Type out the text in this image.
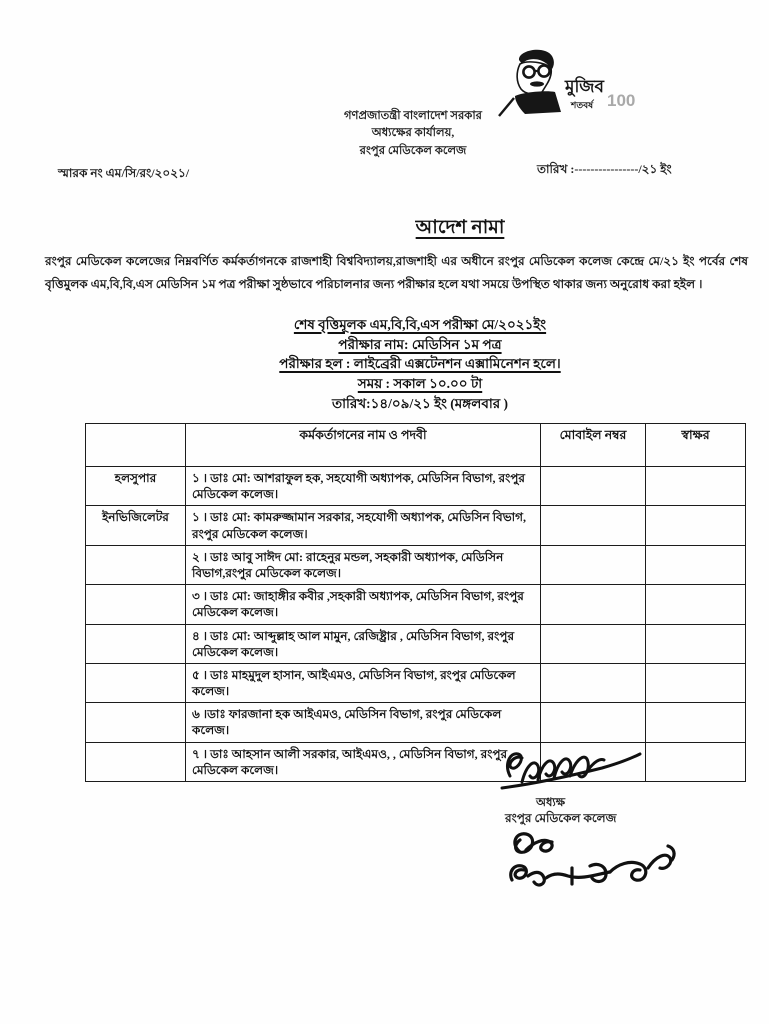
গণপ্রজাতন্ত্রী বাংলাদেশ সরকার
অধ্যক্ষের কার্যালয়,
রংপুর মেডিকেল কলেজ
মুজিব
শতবর্ষ 100
স্মারক নং এম/সি/রং/২০২১/	তারিখ :----------------/২১ ইং
আদেশ নামা
রংপুর মেডিকেল কলেজের নিম্নবর্ণিত কর্মকর্তাগনকে রাজশাহী বিশ্ববিদ্যালয়,রাজশাহী এর অধীনে রংপুর মেডিকেল কলেজ কেন্দ্রে মে/২১ ইং পর্বের শেষ বৃত্তিমুলক এম,বি,বি,এস মেডিসিন ১ম পত্র পরীক্ষা সুষ্ঠভাবে পরিচালনার জন্য পরীক্ষার হলে যথা সময়ে উপস্থিত থাকার জন্য অনুরোধ করা হইল ।
শেষ বৃত্তিমূলক এম,বি,বি,এস পরীক্ষা মে/২০২১ইং
পরীক্ষার নাম: মেডিসিন ১ম পত্র
পরীক্ষার হল : লাইব্রেরী এক্সটেনশন এক্সামিনেশন হলে।
সময় : সকাল ১০.০০ টা
তারিখ:১৪/০৯/২১ ইং (মঙ্গলবার )
	কর্মকর্তাগনের নাম ও পদবী	মোবাইল নম্বর	স্বাক্ষর
হলসুপার	১ । ডাঃ মো: আশরাফুল হক, সহযোগী অধ্যাপক, মেডিসিন বিভাগ, রংপুর মেডিকেল কলেজ।		
ইনভিজিলেটর	১ । ডাঃ মো: কামরুজ্জামান সরকার, সহযোগী অধ্যাপক, মেডিসিন বিভাগ, রংপুর মেডিকেল কলেজ।		
	২ । ডাঃ আবু সাঈদ মো: রাহেনুর মন্ডল, সহকারী অধ্যাপক, মেডিসিন বিভাগ,রংপুর মেডিকেল কলেজ।		
	৩ । ডাঃ মো: জাহাঙ্গীর কবীর ,সহকারী অধ্যাপক, মেডিসিন বিভাগ, রংপুর মেডিকেল কলেজ।		
	৪ । ডাঃ মো: আব্দুল্লাহ আল মামুন, রেজিষ্ট্রার , মেডিসিন বিভাগ, রংপুর মেডিকেল কলেজ।		
	৫ । ডাঃ মাহমুদুল হাসান, আইএমও, মেডিসিন বিভাগ, রংপুর মেডিকেল কলেজ।		
	৬ ।ডাঃ ফারজানা হক আইএমও, মেডিসিন বিভাগ, রংপুর মেডিকেল কলেজ।		
	৭ । ডাঃ আহসান আলী সরকার, আইএমও, , মেডিসিন বিভাগ, রংপুর মেডিকেল কলেজ।		
অধ্যক্ষ
রংপুর মেডিকেল কলেজ
